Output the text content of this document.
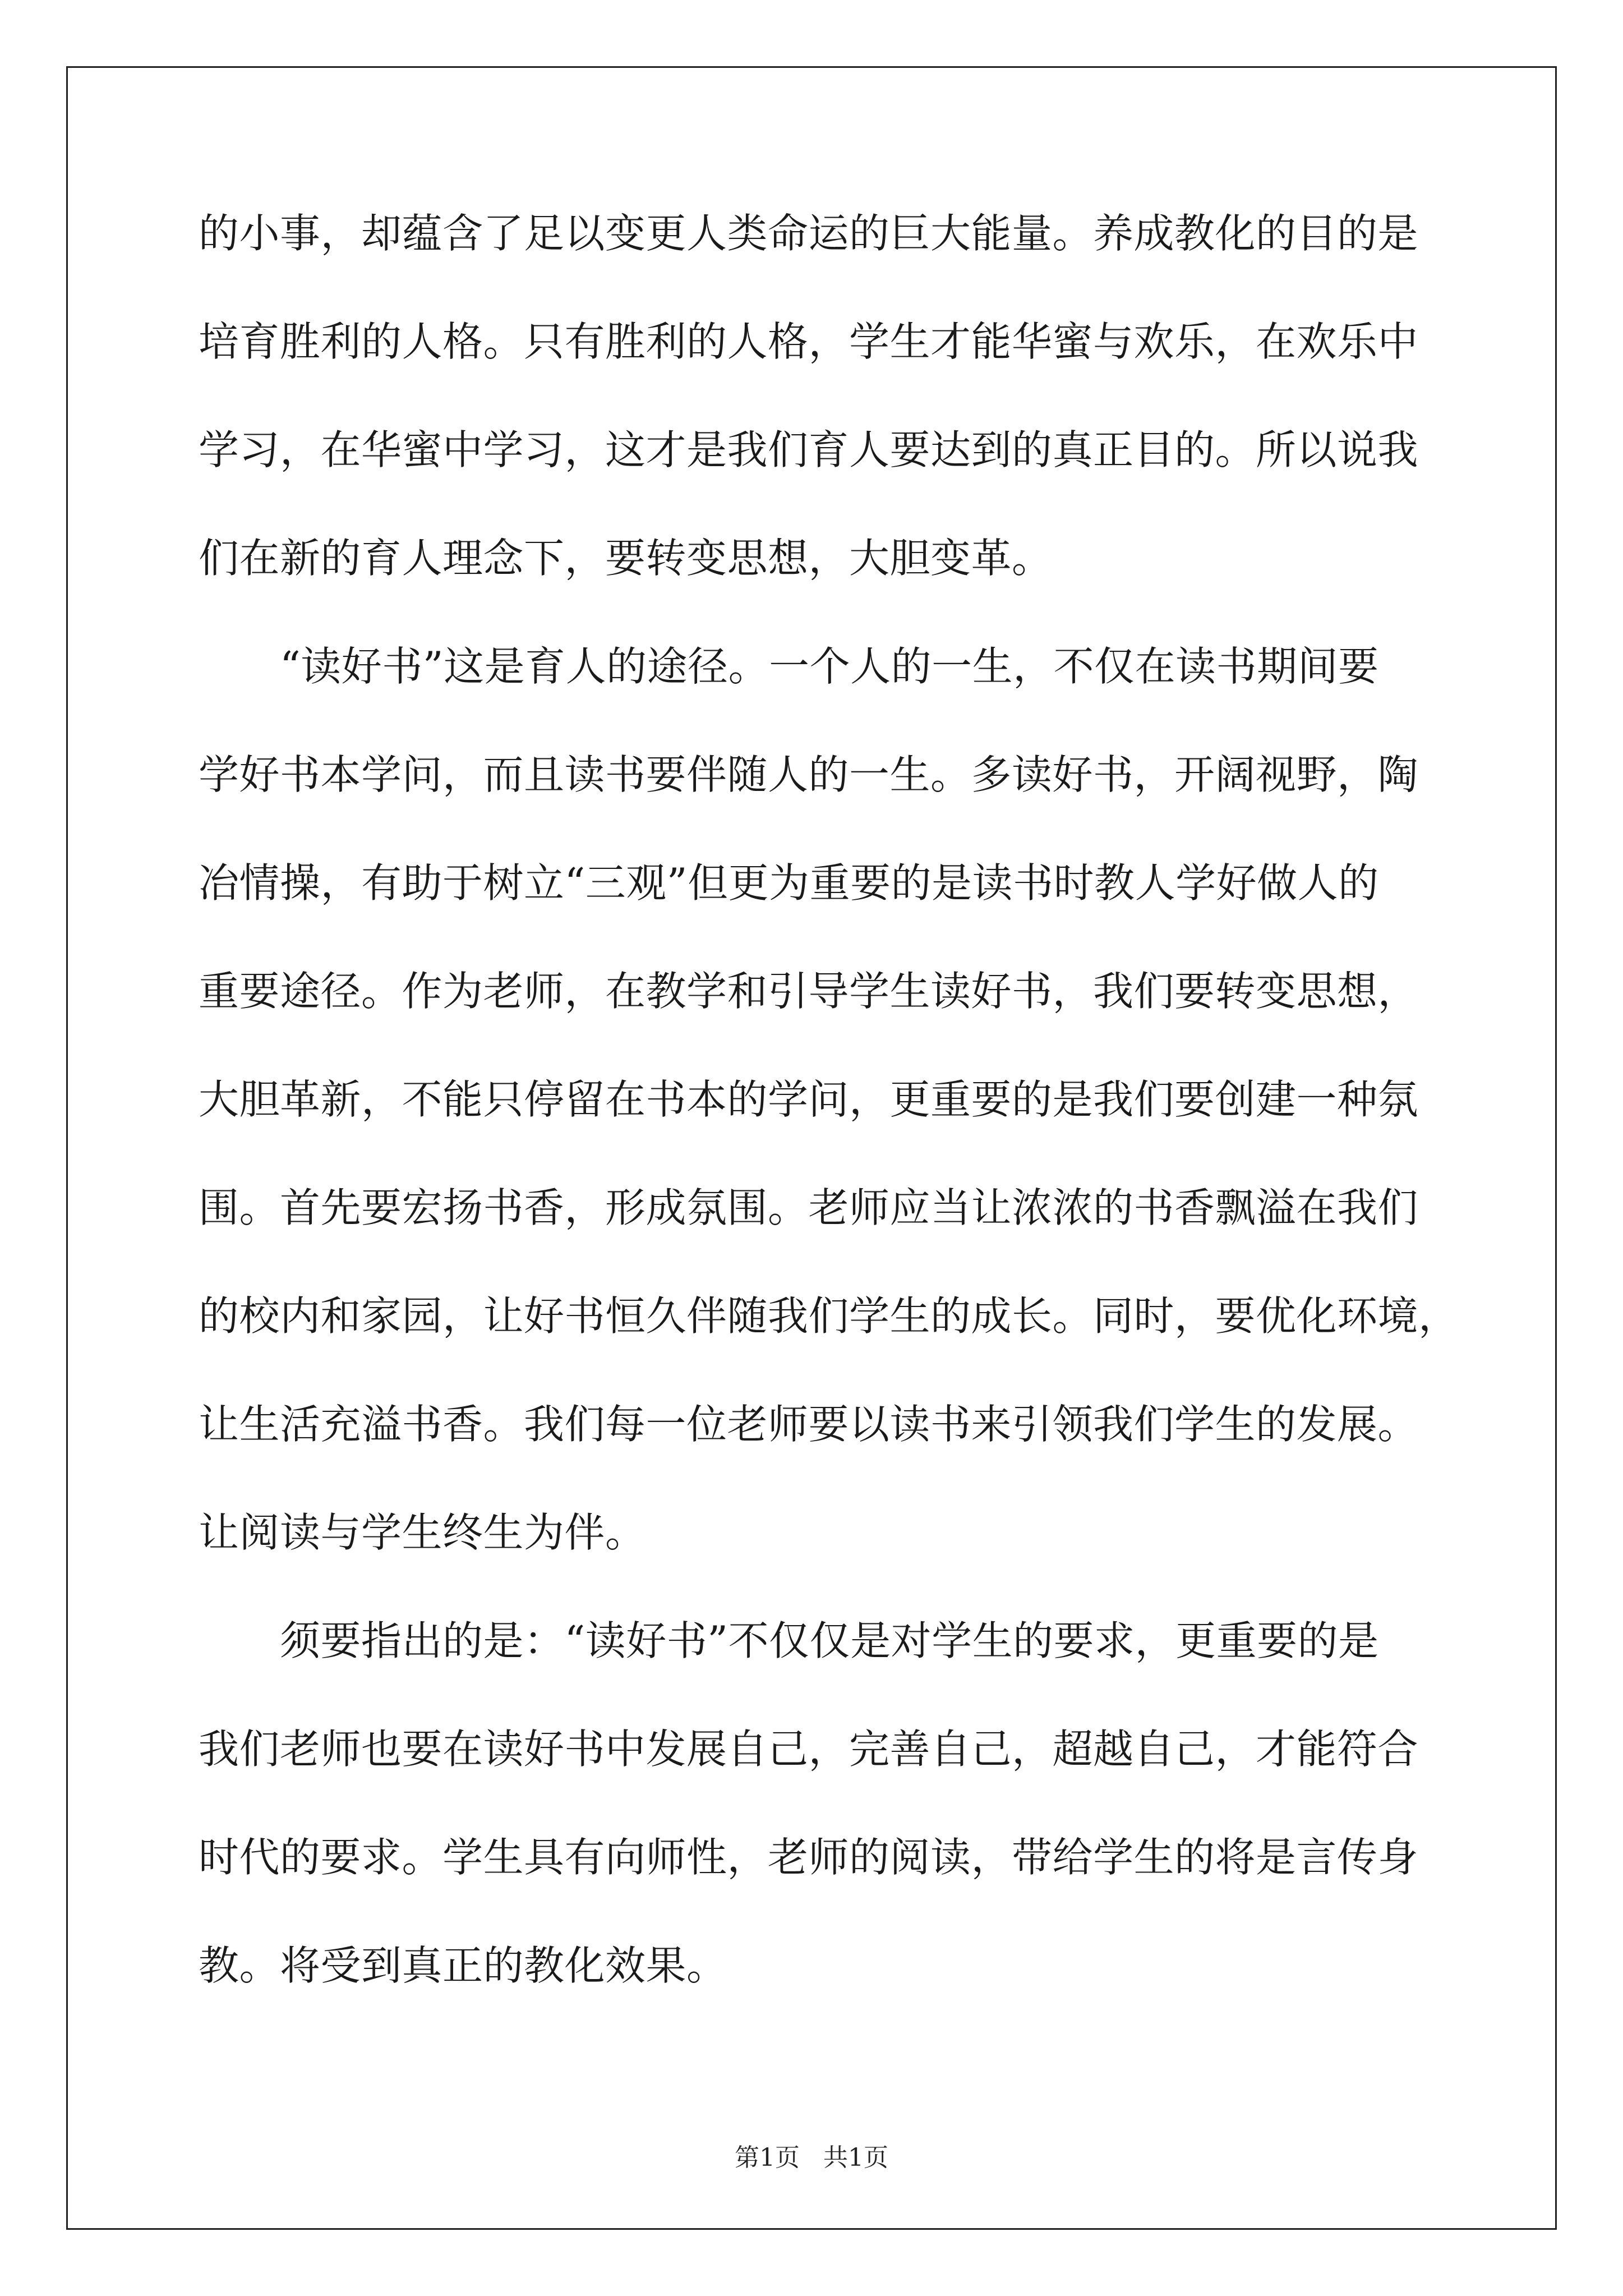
的小事，却蕴含了足以变更人类命运的巨大能量。养成教化的目的是
培育胜利的人格。只有胜利的人格，学生才能华蜜与欢乐，在欢乐中
学习，在华蜜中学习，这才是我们育人要达到的真正目的。所以说我
们在新的育人理念下，要转变思想，大胆变革。
　　“读好书”这是育人的途径。一个人的一生，不仅在读书期间要
学好书本学问，而且读书要伴随人的一生。多读好书，开阔视野，陶
冶情操，有助于树立“三观”但更为重要的是读书时教人学好做人的
重要途径。作为老师，在教学和引导学生读好书，我们要转变思想，
大胆革新，不能只停留在书本的学问，更重要的是我们要创建一种氛
围。首先要宏扬书香，形成氛围。老师应当让浓浓的书香飘溢在我们
的校内和家园，让好书恒久伴随我们学生的成长。同时，要优化环境，
让生活充溢书香。我们每一位老师要以读书来引领我们学生的发展。
让阅读与学生终生为伴。
　　须要指出的是：“读好书”不仅仅是对学生的要求，更重要的是
我们老师也要在读好书中发展自己，完善自己，超越自己，才能符合
时代的要求。学生具有向师性，老师的阅读，带给学生的将是言传身
教。将受到真正的教化效果。
第1页   共1页
